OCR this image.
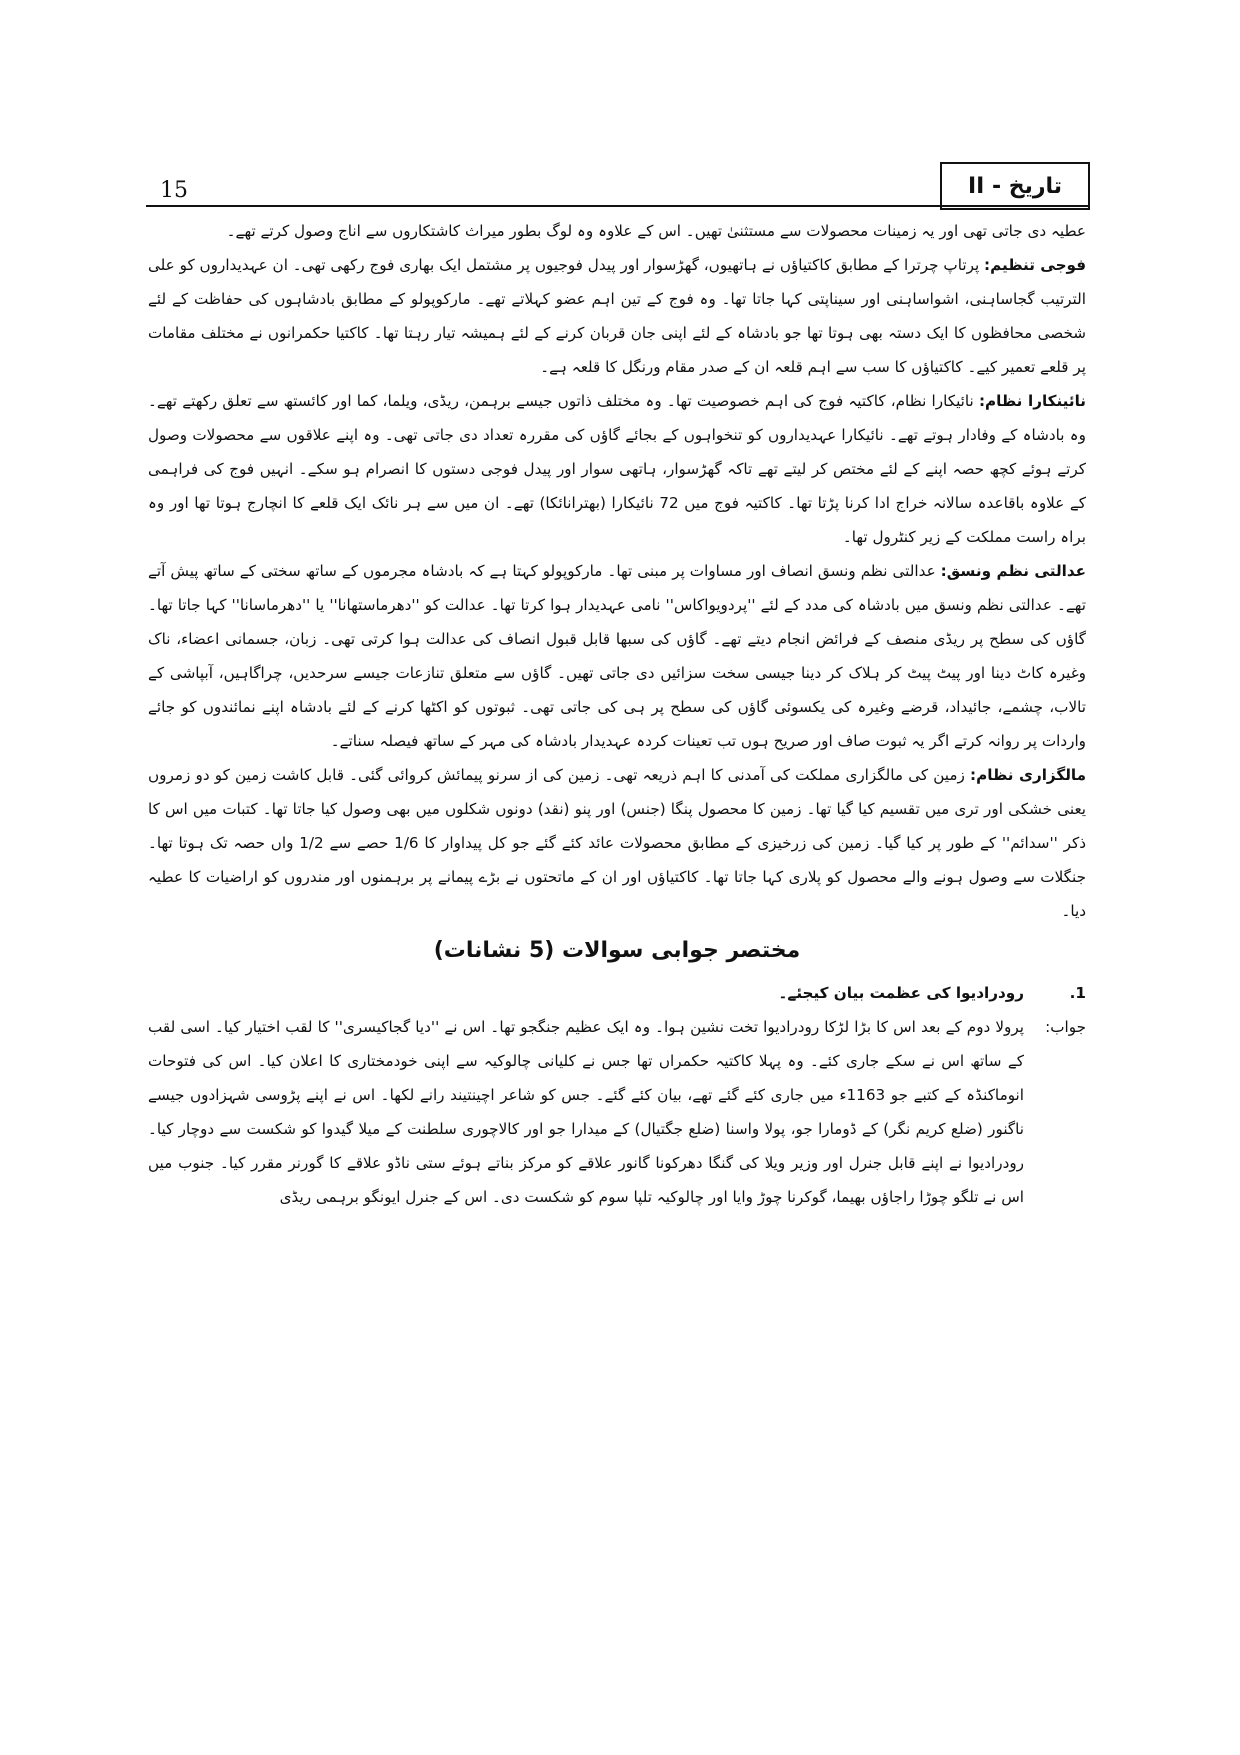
15	تاریخ - II

عطیہ دی جاتی تھی اور یہ زمینات محصولات سے مستثنیٰ تھیں۔ اس کے علاوہ وہ لوگ بطور میراث کاشتکاروں سے اناج وصول کرتے تھے۔

فوجی تنظیم: پرتاپ چرترا کے مطابق کاکتیاؤں نے ہاتھیوں، گھڑسوار اور پیدل فوجیوں پر مشتمل ایک بھاری فوج رکھی تھی۔ ان عہدیداروں کو علی الترتیب گجاساہنی، اشواساہنی اور سیناپتی کہا جاتا تھا۔ وہ فوج کے تین اہم عضو کہلاتے تھے۔ مارکوپولو کے مطابق بادشاہوں کی حفاظت کے لئے شخصی محافظوں کا ایک دستہ بھی ہوتا تھا جو بادشاہ کے لئے اپنی جان قربان کرنے کے لئے ہمیشہ تیار رہتا تھا۔ کاکتیا حکمرانوں نے مختلف مقامات پر قلعے تعمیر کیے۔ کاکتیاؤں کا سب سے اہم قلعہ ان کے صدر مقام ورنگل کا قلعہ ہے۔

نائینکارا نظام: نائیکارا نظام، کاکتیہ فوج کی اہم خصوصیت تھا۔ وہ مختلف ذاتوں جیسے برہمن، ریڈی، ویلما، کما اور کائستھ سے تعلق رکھتے تھے۔ وہ بادشاہ کے وفادار ہوتے تھے۔ نائیکارا عہدیداروں کو تنخواہوں کے بجائے گاؤں کی مقررہ تعداد دی جاتی تھی۔ وہ اپنے علاقوں سے محصولات وصول کرتے ہوئے کچھ حصہ اپنے کے لئے مختص کر لیتے تھے تاکہ گھڑسوار، ہاتھی سوار اور پیدل فوجی دستوں کا انصرام ہو سکے۔ انہیں فوج کی فراہمی کے علاوہ باقاعدہ سالانہ خراج ادا کرنا پڑتا تھا۔ کاکتیہ فوج میں 72 نائیکارا (بھترانائکا) تھے۔ ان میں سے ہر نائک ایک قلعے کا انچارج ہوتا تھا اور وہ براہ راست مملکت کے زیر کنٹرول تھا۔

عدالتی نظم ونسق: عدالتی نظم ونسق انصاف اور مساوات پر مبنی تھا۔ مارکوپولو کہتا ہے کہ بادشاہ مجرموں کے ساتھ سختی کے ساتھ پیش آتے تھے۔ عدالتی نظم ونسق میں بادشاہ کی مدد کے لئے ''پردویواکاس'' نامی عہدیدار ہوا کرتا تھا۔ عدالت کو ''دھرماستھانا'' یا ''دھرماسانا'' کہا جاتا تھا۔ گاؤں کی سطح پر ریڈی منصف کے فرائض انجام دیتے تھے۔ گاؤں کی سبھا قابل قبول انصاف کی عدالت ہوا کرتی تھی۔ زبان، جسمانی اعضاء، ناک وغیرہ کاٹ دینا اور پیٹ پیٹ کر ہلاک کر دینا جیسی سخت سزائیں دی جاتی تھیں۔ گاؤں سے متعلق تنازعات جیسے سرحدیں، چراگاہیں، آبپاشی کے تالاب، چشمے، جائیداد، قرضے وغیرہ کی یکسوئی گاؤں کی سطح پر ہی کی جاتی تھی۔ ثبوتوں کو اکٹھا کرنے کے لئے بادشاہ اپنے نمائندوں کو جائے واردات پر روانہ کرتے اگر یہ ثبوت صاف اور صریح ہوں تب تعینات کردہ عہدیدار بادشاہ کی مہر کے ساتھ فیصلہ سناتے۔

مالگزاری نظام: زمین کی مالگزاری مملکت کی آمدنی کا اہم ذریعہ تھی۔ زمین کی از سرنو پیمائش کروائی گئی۔ قابل کاشت زمین کو دو زمروں یعنی خشکی اور تری میں تقسیم کیا گیا تھا۔ زمین کا محصول پنگا (جنس) اور پنو (نقد) دونوں شکلوں میں بھی وصول کیا جاتا تھا۔ کتبات میں اس کا ذکر ''سدائم'' کے طور پر کیا گیا۔ زمین کی زرخیزی کے مطابق محصولات عائد کئے گئے جو کل پیداوار کا 1/6 حصے سے 1/2 واں حصہ تک ہوتا تھا۔ جنگلات سے وصول ہونے والے محصول کو پلاری کہا جاتا تھا۔ کاکتیاؤں اور ان کے ماتحتوں نے بڑے پیمانے پر برہمنوں اور مندروں کو اراضیات کا عطیہ دیا۔

مختصر جوابی سوالات (5 نشانات)
1.
رودرادیوا کی عظمت بیان کیجئے۔
جواب:
پرولا دوم کے بعد اس کا بڑا لڑکا رودرادیوا تخت نشین ہوا۔ وہ ایک عظیم جنگجو تھا۔ اس نے ''دیا گجاکیسری'' کا لقب اختیار کیا۔ اسی لقب کے ساتھ اس نے سکے جاری کئے۔ وہ پہلا کاکتیہ حکمراں تھا جس نے کلیانی چالوکیہ سے اپنی خودمختاری کا اعلان کیا۔ اس کی فتوحات انوماکنڈہ کے کتبے جو 1163ء میں جاری کئے گئے تھے، بیان کئے گئے۔ جس کو شاعر اچینتیند رانے لکھا۔ اس نے اپنے پڑوسی شہزادوں جیسے ناگنور (ضلع کریم نگر) کے ڈومارا جو، پولا واسنا (ضلع جگتیال) کے میدارا جو اور کالاچوری سلطنت کے میلا گیدوا کو شکست سے دوچار کیا۔ رودرادیوا نے اپنے قابل جنرل اور وزیر ویلا کی گنگا دھرکونا گانور علاقے کو مرکز بناتے ہوئے ستی ناڈو علاقے کا گورنر مقرر کیا۔ جنوب میں اس نے تلگو چوڑا راجاؤں بھیما، گوکرنا چوڑ وایا اور چالوکیہ تلپا سوم کو شکست دی۔ اس کے جنرل ایونگو برہمی ریڈی
